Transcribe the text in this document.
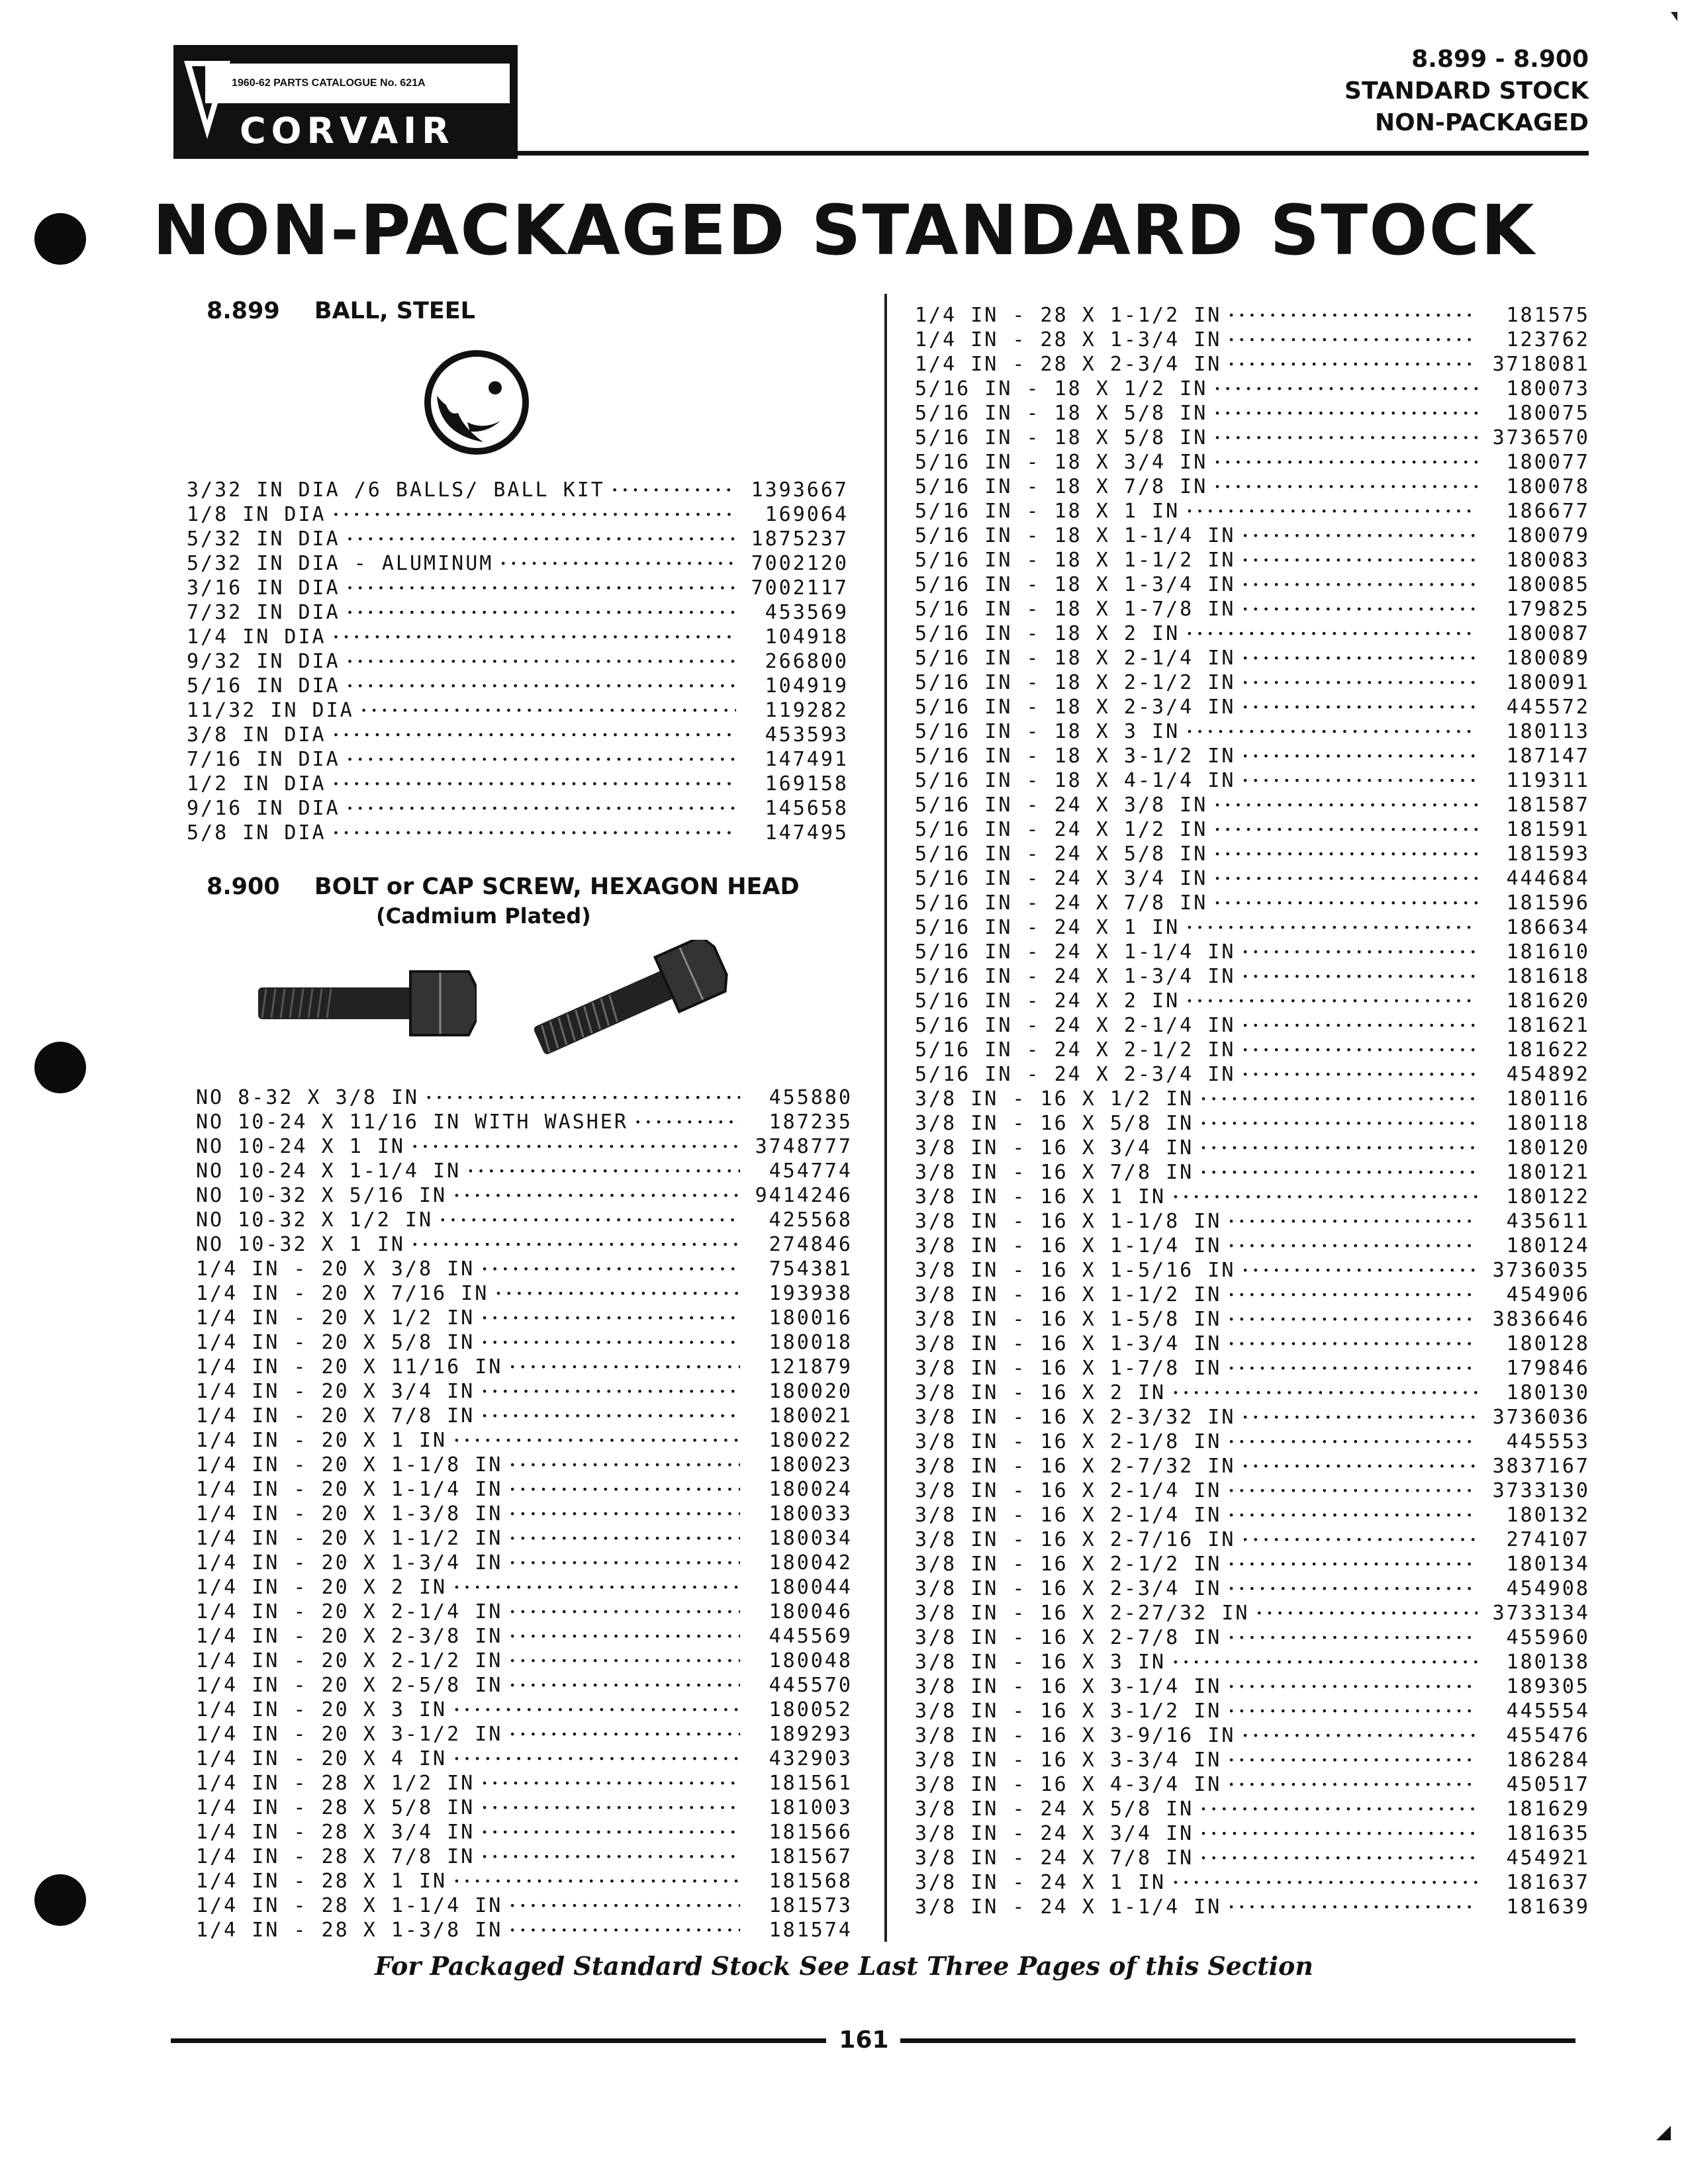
1960-62 PARTS CATALOGUE No. 621A
CORVAIR
8.899 - 8.900
STANDARD STOCK
NON-PACKAGED
NON-PACKAGED STANDARD STOCK
8.899 BALL, STEEL
3/32 IN DIA /6 BALLS/ BALL KIT •••••	1393667
1/8 IN DIA •••••	169064
5/32 IN DIA •••••	1875237
5/32 IN DIA - ALUMINUM •••••	7002120
3/16 IN DIA •••••	7002117
7/32 IN DIA •••••	453569
1/4 IN DIA •••••	104918
9/32 IN DIA •••••	266800
5/16 IN DIA •••••	104919
11/32 IN DIA •••••	119282
3/8 IN DIA •••••	453593
7/16 IN DIA •••••	147491
1/2 IN DIA •••••	169158
9/16 IN DIA •••••	145658
5/8 IN DIA •••••	147495
8.900 BOLT or CAP SCREW, HEXAGON HEAD
(Cadmium Plated)
NO 8-32 X 3/8 IN •••••	455880
NO 10-24 X 11/16 IN WITH WASHER •••••	187235
NO 10-24 X 1 IN •••••	3748777
NO 10-24 X 1-1/4 IN •••••	454774
NO 10-32 X 5/16 IN •••••	9414246
NO 10-32 X 1/2 IN •••••	425568
NO 10-32 X 1 IN •••••	274846
1/4 IN - 20 X 3/8 IN •••••	754381
1/4 IN - 20 X 7/16 IN •••••	193938
1/4 IN - 20 X 1/2 IN •••••	180016
1/4 IN - 20 X 5/8 IN •••••	180018
1/4 IN - 20 X 11/16 IN •••••	121879
1/4 IN - 20 X 3/4 IN •••••	180020
1/4 IN - 20 X 7/8 IN •••••	180021
1/4 IN - 20 X 1 IN •••••	180022
1/4 IN - 20 X 1-1/8 IN •••••	180023
1/4 IN - 20 X 1-1/4 IN •••••	180024
1/4 IN - 20 X 1-3/8 IN •••••	180033
1/4 IN - 20 X 1-1/2 IN •••••	180034
1/4 IN - 20 X 1-3/4 IN •••••	180042
1/4 IN - 20 X 2 IN •••••	180044
1/4 IN - 20 X 2-1/4 IN •••••	180046
1/4 IN - 20 X 2-3/8 IN •••••	445569
1/4 IN - 20 X 2-1/2 IN •••••	180048
1/4 IN - 20 X 2-5/8 IN •••••	445570
1/4 IN - 20 X 3 IN •••••	180052
1/4 IN - 20 X 3-1/2 IN •••••	189293
1/4 IN - 20 X 4 IN •••••	432903
1/4 IN - 28 X 1/2 IN •••••	181561
1/4 IN - 28 X 5/8 IN •••••	181003
1/4 IN - 28 X 3/4 IN •••••	181566
1/4 IN - 28 X 7/8 IN •••••	181567
1/4 IN - 28 X 1 IN •••••	181568
1/4 IN - 28 X 1-1/4 IN •••••	181573
1/4 IN - 28 X 1-3/8 IN •••••	181574
1/4 IN - 28 X 1-1/2 IN •••••	181575
1/4 IN - 28 X 1-3/4 IN •••••	123762
1/4 IN - 28 X 2-3/4 IN •••••	3718081
5/16 IN - 18 X 1/2 IN •••••	180073
5/16 IN - 18 X 5/8 IN •••••	180075
5/16 IN - 18 X 5/8 IN •••••	3736570
5/16 IN - 18 X 3/4 IN •••••	180077
5/16 IN - 18 X 7/8 IN •••••	180078
5/16 IN - 18 X 1 IN •••••	186677
5/16 IN - 18 X 1-1/4 IN •••••	180079
5/16 IN - 18 X 1-1/2 IN •••••	180083
5/16 IN - 18 X 1-3/4 IN •••••	180085
5/16 IN - 18 X 1-7/8 IN •••••	179825
5/16 IN - 18 X 2 IN •••••	180087
5/16 IN - 18 X 2-1/4 IN •••••	180089
5/16 IN - 18 X 2-1/2 IN •••••	180091
5/16 IN - 18 X 2-3/4 IN •••••	445572
5/16 IN - 18 X 3 IN •••••	180113
5/16 IN - 18 X 3-1/2 IN •••••	187147
5/16 IN - 18 X 4-1/4 IN •••••	119311
5/16 IN - 24 X 3/8 IN •••••	181587
5/16 IN - 24 X 1/2 IN •••••	181591
5/16 IN - 24 X 5/8 IN •••••	181593
5/16 IN - 24 X 3/4 IN •••••	444684
5/16 IN - 24 X 7/8 IN •••••	181596
5/16 IN - 24 X 1 IN •••••	186634
5/16 IN - 24 X 1-1/4 IN •••••	181610
5/16 IN - 24 X 1-3/4 IN •••••	181618
5/16 IN - 24 X 2 IN •••••	181620
5/16 IN - 24 X 2-1/4 IN •••••	181621
5/16 IN - 24 X 2-1/2 IN •••••	181622
5/16 IN - 24 X 2-3/4 IN •••••	454892
3/8 IN - 16 X 1/2 IN •••••	180116
3/8 IN - 16 X 5/8 IN •••••	180118
3/8 IN - 16 X 3/4 IN •••••	180120
3/8 IN - 16 X 7/8 IN •••••	180121
3/8 IN - 16 X 1 IN •••••	180122
3/8 IN - 16 X 1-1/8 IN •••••	435611
3/8 IN - 16 X 1-1/4 IN •••••	180124
3/8 IN - 16 X 1-5/16 IN •••••	3736035
3/8 IN - 16 X 1-1/2 IN •••••	454906
3/8 IN - 16 X 1-5/8 IN •••••	3836646
3/8 IN - 16 X 1-3/4 IN •••••	180128
3/8 IN - 16 X 1-7/8 IN •••••	179846
3/8 IN - 16 X 2 IN •••••	180130
3/8 IN - 16 X 2-3/32 IN •••••	3736036
3/8 IN - 16 X 2-1/8 IN •••••	445553
3/8 IN - 16 X 2-7/32 IN •••••	3837167
3/8 IN - 16 X 2-1/4 IN •••••	3733130
3/8 IN - 16 X 2-1/4 IN •••••	180132
3/8 IN - 16 X 2-7/16 IN •••••	274107
3/8 IN - 16 X 2-1/2 IN •••••	180134
3/8 IN - 16 X 2-3/4 IN •••••	454908
3/8 IN - 16 X 2-27/32 IN •••••	3733134
3/8 IN - 16 X 2-7/8 IN •••••	455960
3/8 IN - 16 X 3 IN •••••	180138
3/8 IN - 16 X 3-1/4 IN •••••	189305
3/8 IN - 16 X 3-1/2 IN •••••	445554
3/8 IN - 16 X 3-9/16 IN •••••	455476
3/8 IN - 16 X 3-3/4 IN •••••	186284
3/8 IN - 16 X 4-3/4 IN •••••	450517
3/8 IN - 24 X 5/8 IN •••••	181629
3/8 IN - 24 X 3/4 IN •••••	181635
3/8 IN - 24 X 7/8 IN •••••	454921
3/8 IN - 24 X 1 IN •••••	181637
3/8 IN - 24 X 1-1/4 IN •••••	181639
For Packaged Standard Stock See Last Three Pages of this Section
161
